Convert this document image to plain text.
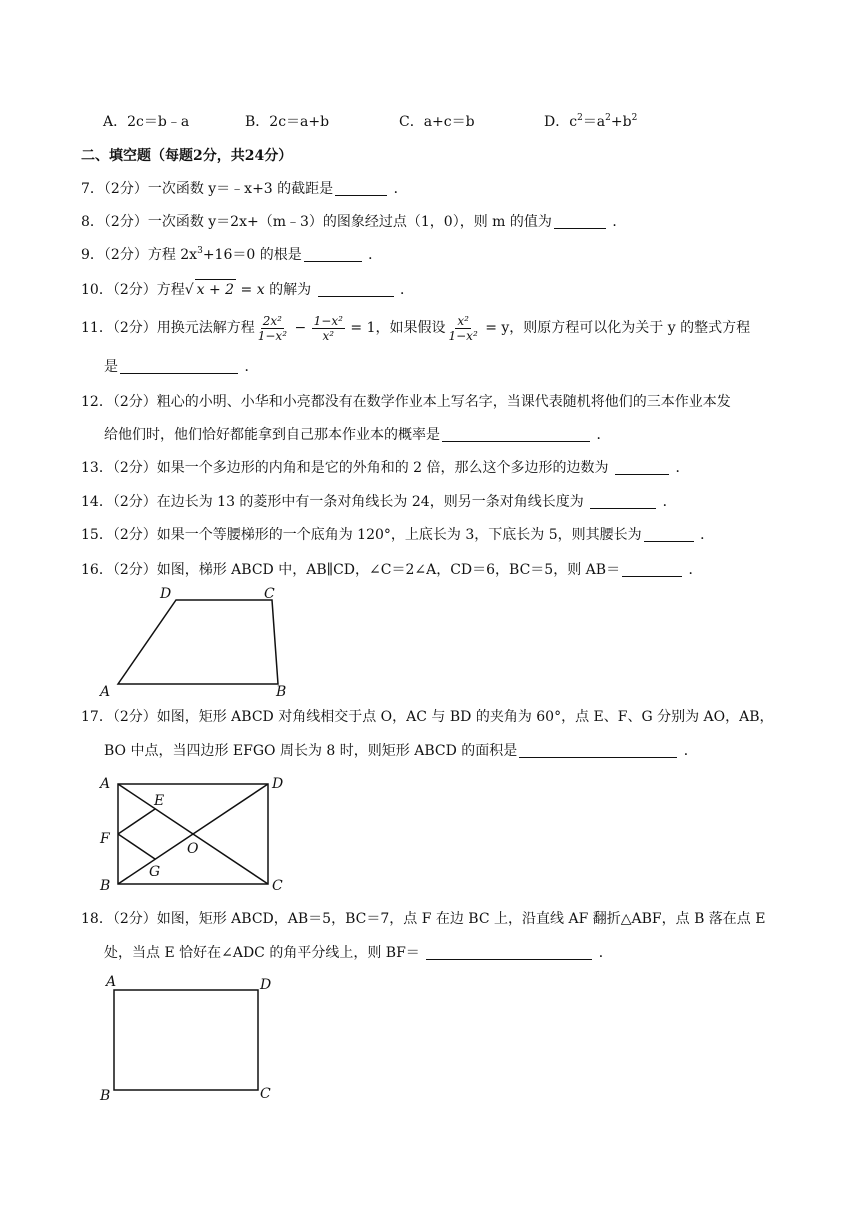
A．2c＝b﹣a	B．2c＝a+b	C．a+c＝b	D．$c^2=a^2+b^2$
二、填空题（每题2分，共24分）
7．（2分）一次函数 y＝﹣x+3 的截距是	．
8．（2分）一次函数 y＝2x+（m﹣3）的图象经过点（1，0），则 m 的值为	．
9．（2分）方程 $2x^3+16=0$ 的根是	．
10．（2分）方程√ x + 2 = x 的解为	．
11．（2分）用换元法解方程 $\frac{\text{2x²}}{\text{1−x²}} - \frac{\text{1−x²}}{\text{x²}} = 1$，如果假设 $\frac{\text{x²}}{\text{1−x²}} = y$，则原方程可以化为关于 y 的整式方程
是	．
12．（2分）粗心的小明、小华和小亮都没有在数学作业本上写名字，当课代表随机将他们的三本作业本发
给他们时，他们恰好都能拿到自己那本作业本的概率是	．
13．（2分）如果一个多边形的内角和是它的外角和的 2 倍，那么这个多边形的边数为	．
14．（2分）在边长为 13 的菱形中有一条对角线长为 24，则另一条对角线长度为	．
15．（2分）如果一个等腰梯形的一个底角为 120°，上底长为 3，下底长为 5，则其腰长为	．
16．（2分）如图，梯形 ABCD 中，AB∥CD，∠C＝2∠A，CD＝6，BC＝5，则 AB＝	．
D	C
A	B
17．（2分）如图，矩形 ABCD 对角线相交于点 O，AC 与 BD 的夹角为 60°，点 E、F、G 分别为 AO，AB，
BO 中点，当四边形 EFGO 周长为 8 时，则矩形 ABCD 的面积是	．
A	D
F
E
O
G
B	C
18．（2分）如图，矩形 ABCD，AB＝5，BC＝7，点 F 在边 BC 上，沿直线 AF 翻折△ABF，点 B 落在点 E
处，当点 E 恰好在∠ADC 的角平分线上，则 BF＝	．
A	D
B	C
